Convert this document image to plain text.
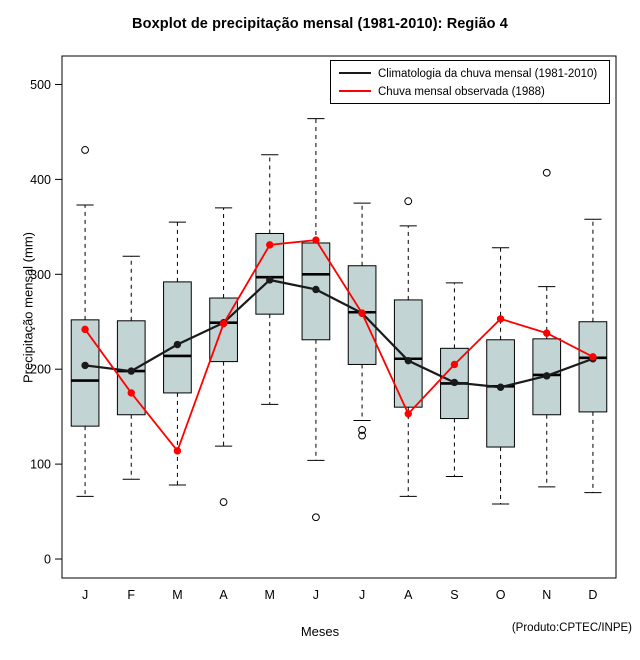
Boxplot de precipitação mensal (1981-2010): Região 4
Precipitação mensal (mm)
Meses	(Produto:CPTEC/INPE)
0
100
200
300
400
500
J	F	M	A	M	J	J	A	S	O	N	D
Climatologia da chuva mensal (1981-2010)
Chuva mensal observada (1988)
